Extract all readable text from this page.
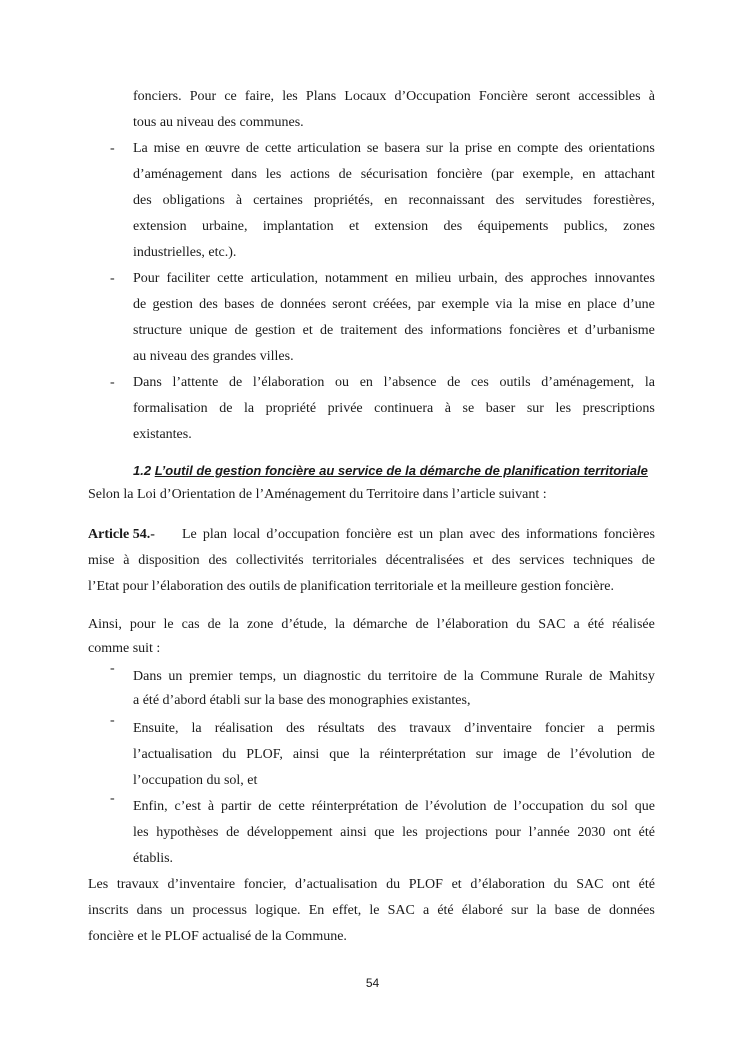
-
-
-
-
-
-
fonciers. Pour ce faire, les Plans Locaux d’Occupation Foncière seront accessibles à
tous au niveau des communes.
La mise en œuvre de cette articulation se basera sur la prise en compte des orientations
d’aménagement dans les actions de sécurisation foncière (par exemple, en attachant
des obligations à certaines propriétés, en reconnaissant des servitudes forestières,
extension urbaine, implantation et extension des équipements publics, zones
industrielles, etc.).
Pour faciliter cette articulation, notamment en milieu urbain, des approches innovantes
de gestion des bases de données seront créées, par exemple via la mise en place d’une
structure unique de gestion et de traitement des informations foncières et d’urbanisme
au niveau des grandes villes.
Dans l’attente de l’élaboration ou en l’absence de ces outils d’aménagement, la
formalisation de la propriété privée continuera à se baser sur les prescriptions
existantes.
1.2 L’outil de gestion foncière au service de la démarche de planification territoriale
Selon la Loi d’Orientation de l’Aménagement du Territoire dans l’article suivant :
Article 54.-	Le plan local d’occupation foncière est un plan avec des informations foncières
mise à disposition des collectivités territoriales décentralisées et des services techniques de
l’Etat pour l’élaboration des outils de planification territoriale et la meilleure gestion foncière.
Ainsi, pour le cas de la zone d’étude, la démarche de l’élaboration du SAC a été réalisée
comme suit :
Dans un premier temps, un diagnostic du territoire de la Commune Rurale de Mahitsy
a été d’abord établi sur la base des monographies existantes,
Ensuite, la réalisation des résultats des travaux d’inventaire foncier a permis
l’actualisation du PLOF, ainsi que la réinterprétation sur image de l’évolution de
l’occupation du sol, et
Enfin, c’est à partir de cette réinterprétation de l’évolution de l’occupation du sol que
les hypothèses de développement ainsi que les projections pour l’année 2030 ont été
établis.
Les travaux d’inventaire foncier, d’actualisation du PLOF et d’élaboration du SAC ont été
inscrits dans un processus logique. En effet, le SAC a été élaboré sur la base de données
foncière et le PLOF actualisé de la Commune.
54
